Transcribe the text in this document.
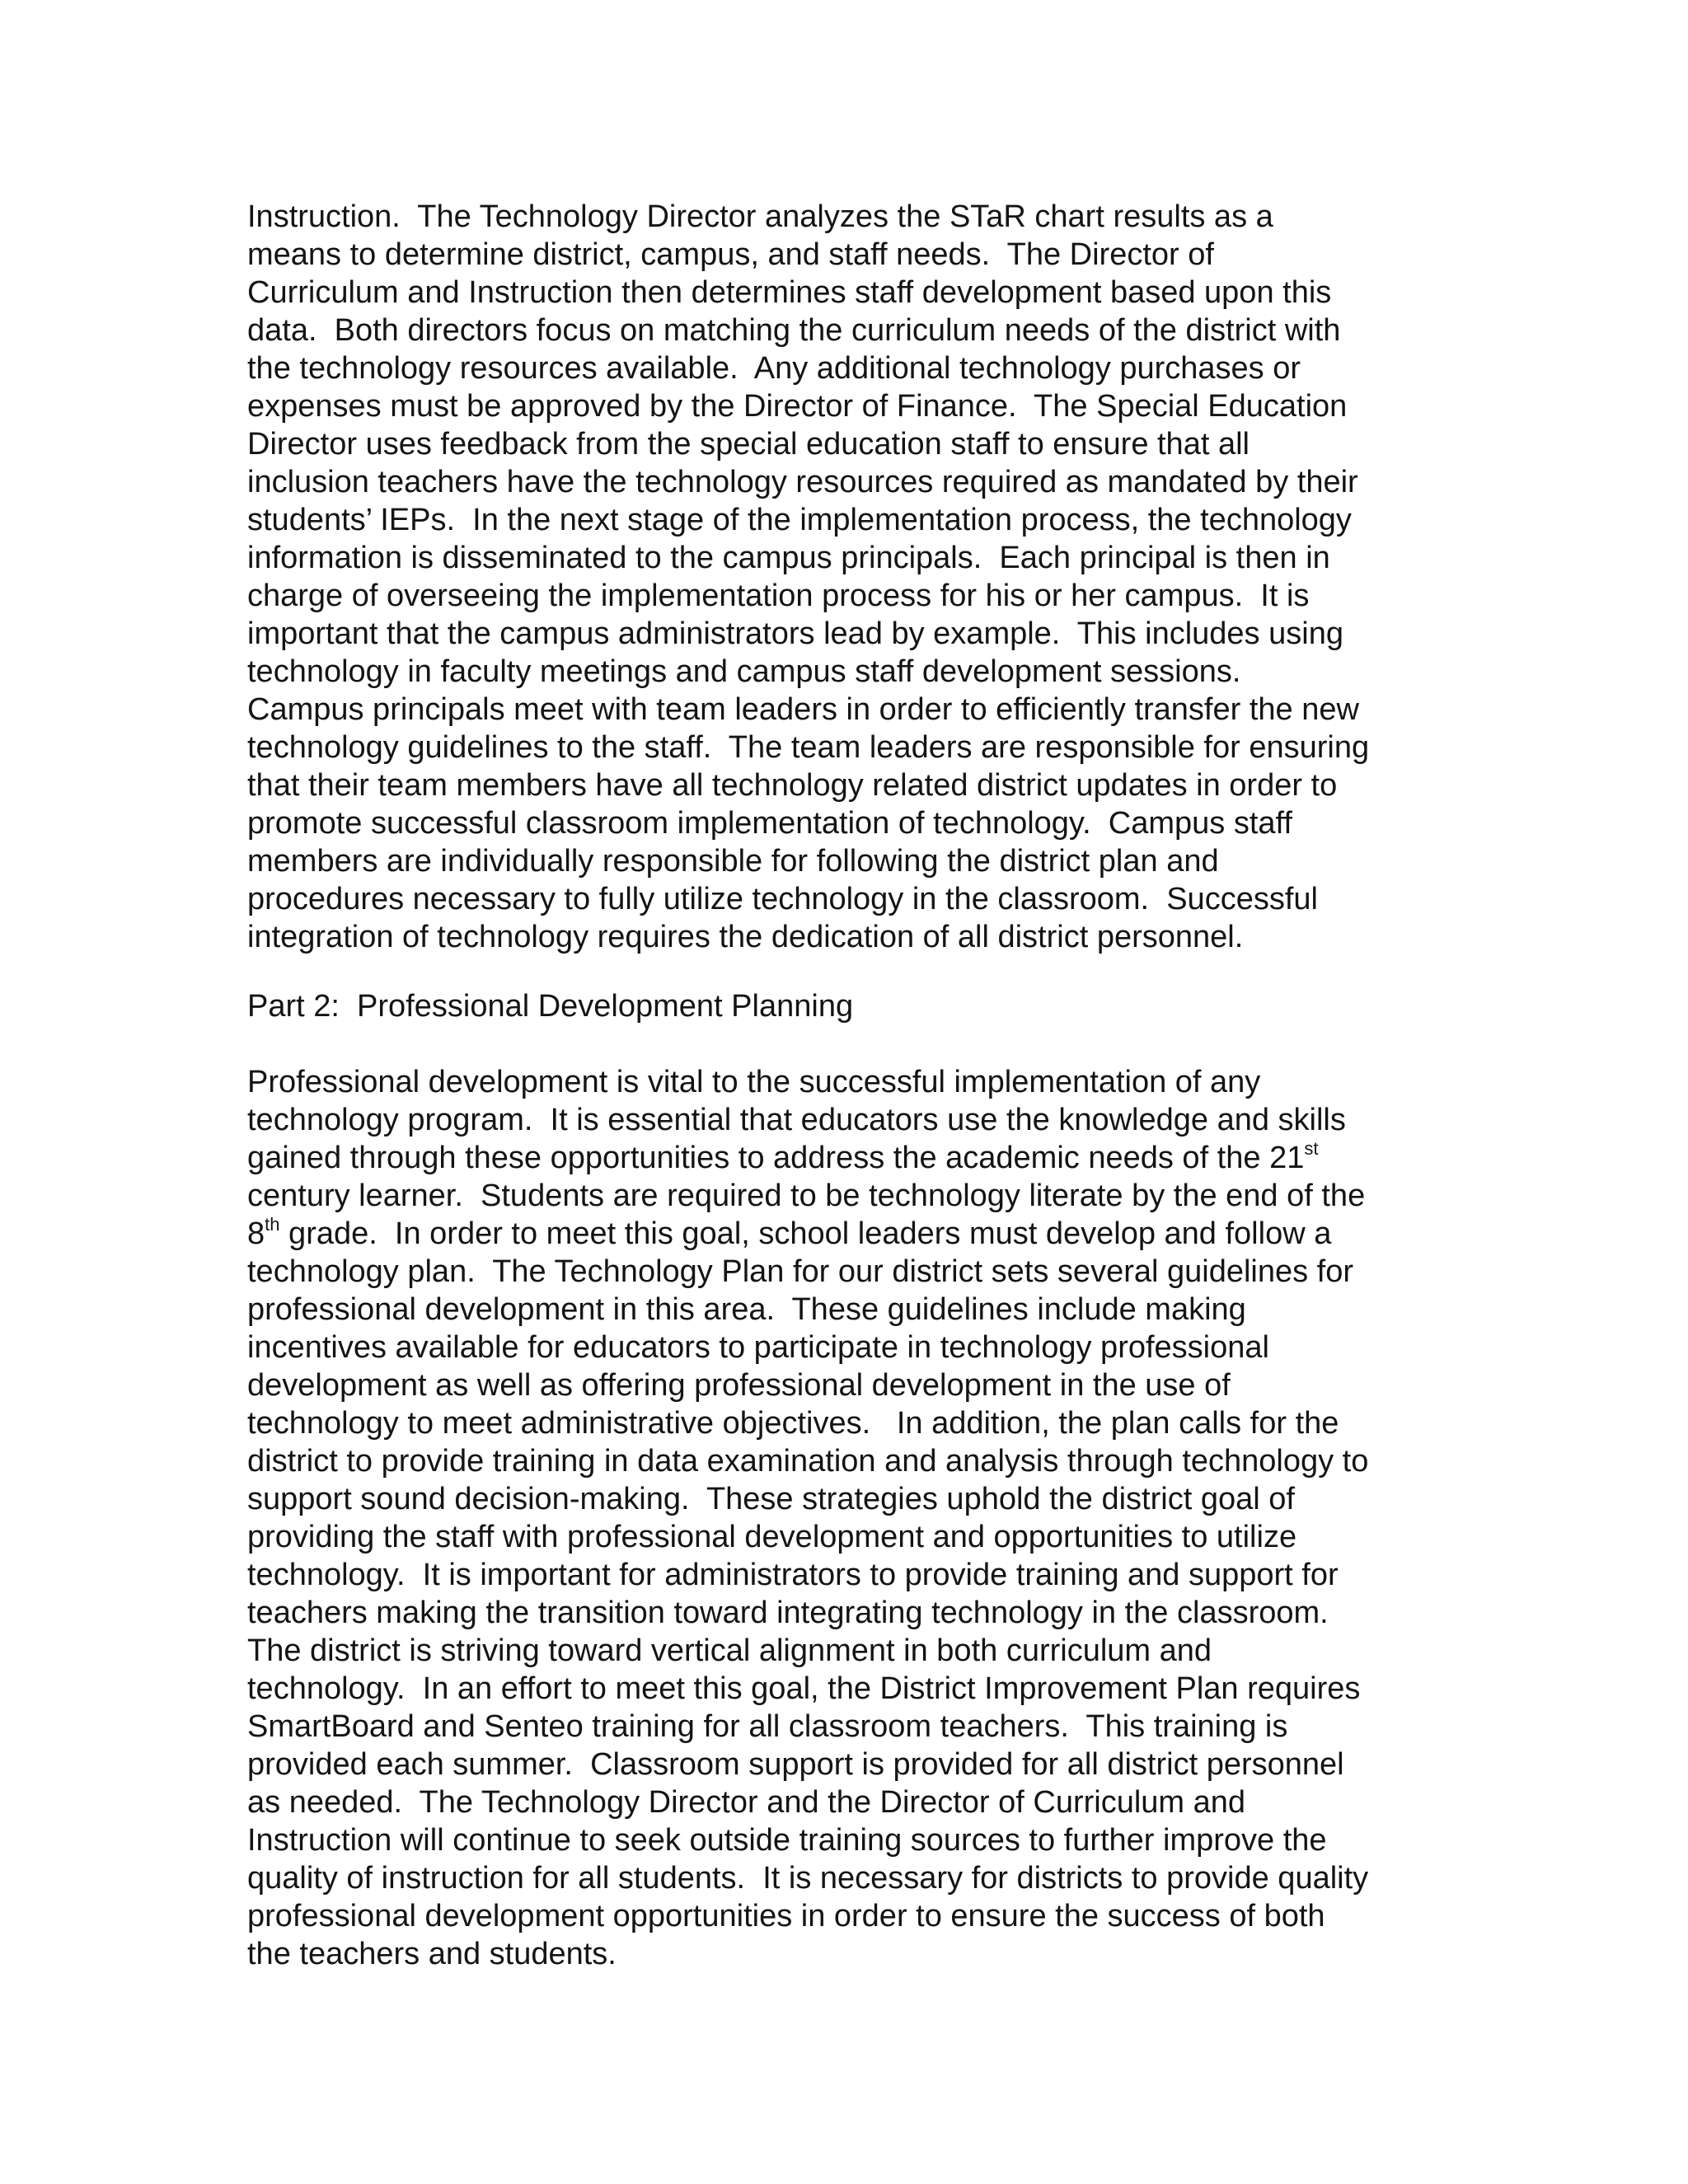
Instruction.  The Technology Director analyzes the STaR chart results as a
means to determine district, campus, and staff needs.  The Director of
Curriculum and Instruction then determines staff development based upon this
data.  Both directors focus on matching the curriculum needs of the district with
the technology resources available.  Any additional technology purchases or
expenses must be approved by the Director of Finance.  The Special Education
Director uses feedback from the special education staff to ensure that all
inclusion teachers have the technology resources required as mandated by their
students’ IEPs.  In the next stage of the implementation process, the technology
information is disseminated to the campus principals.  Each principal is then in
charge of overseeing the implementation process for his or her campus.  It is
important that the campus administrators lead by example.  This includes using
technology in faculty meetings and campus staff development sessions.
Campus principals meet with team leaders in order to efficiently transfer the new
technology guidelines to the staff.  The team leaders are responsible for ensuring
that their team members have all technology related district updates in order to
promote successful classroom implementation of technology.  Campus staff
members are individually responsible for following the district plan and
procedures necessary to fully utilize technology in the classroom.  Successful
integration of technology requires the dedication of all district personnel.
Part 2:  Professional Development Planning
Professional development is vital to the successful implementation of any
technology program.  It is essential that educators use the knowledge and skills
gained through these opportunities to address the academic needs of the 21st
century learner.  Students are required to be technology literate by the end of the
8th grade.  In order to meet this goal, school leaders must develop and follow a
technology plan.  The Technology Plan for our district sets several guidelines for
professional development in this area.  These guidelines include making
incentives available for educators to participate in technology professional
development as well as offering professional development in the use of
technology to meet administrative objectives.   In addition, the plan calls for the
district to provide training in data examination and analysis through technology to
support sound decision-making.  These strategies uphold the district goal of
providing the staff with professional development and opportunities to utilize
technology.  It is important for administrators to provide training and support for
teachers making the transition toward integrating technology in the classroom.
The district is striving toward vertical alignment in both curriculum and
technology.  In an effort to meet this goal, the District Improvement Plan requires
SmartBoard and Senteo training for all classroom teachers.  This training is
provided each summer.  Classroom support is provided for all district personnel
as needed.  The Technology Director and the Director of Curriculum and
Instruction will continue to seek outside training sources to further improve the
quality of instruction for all students.  It is necessary for districts to provide quality
professional development opportunities in order to ensure the success of both
the teachers and students.
